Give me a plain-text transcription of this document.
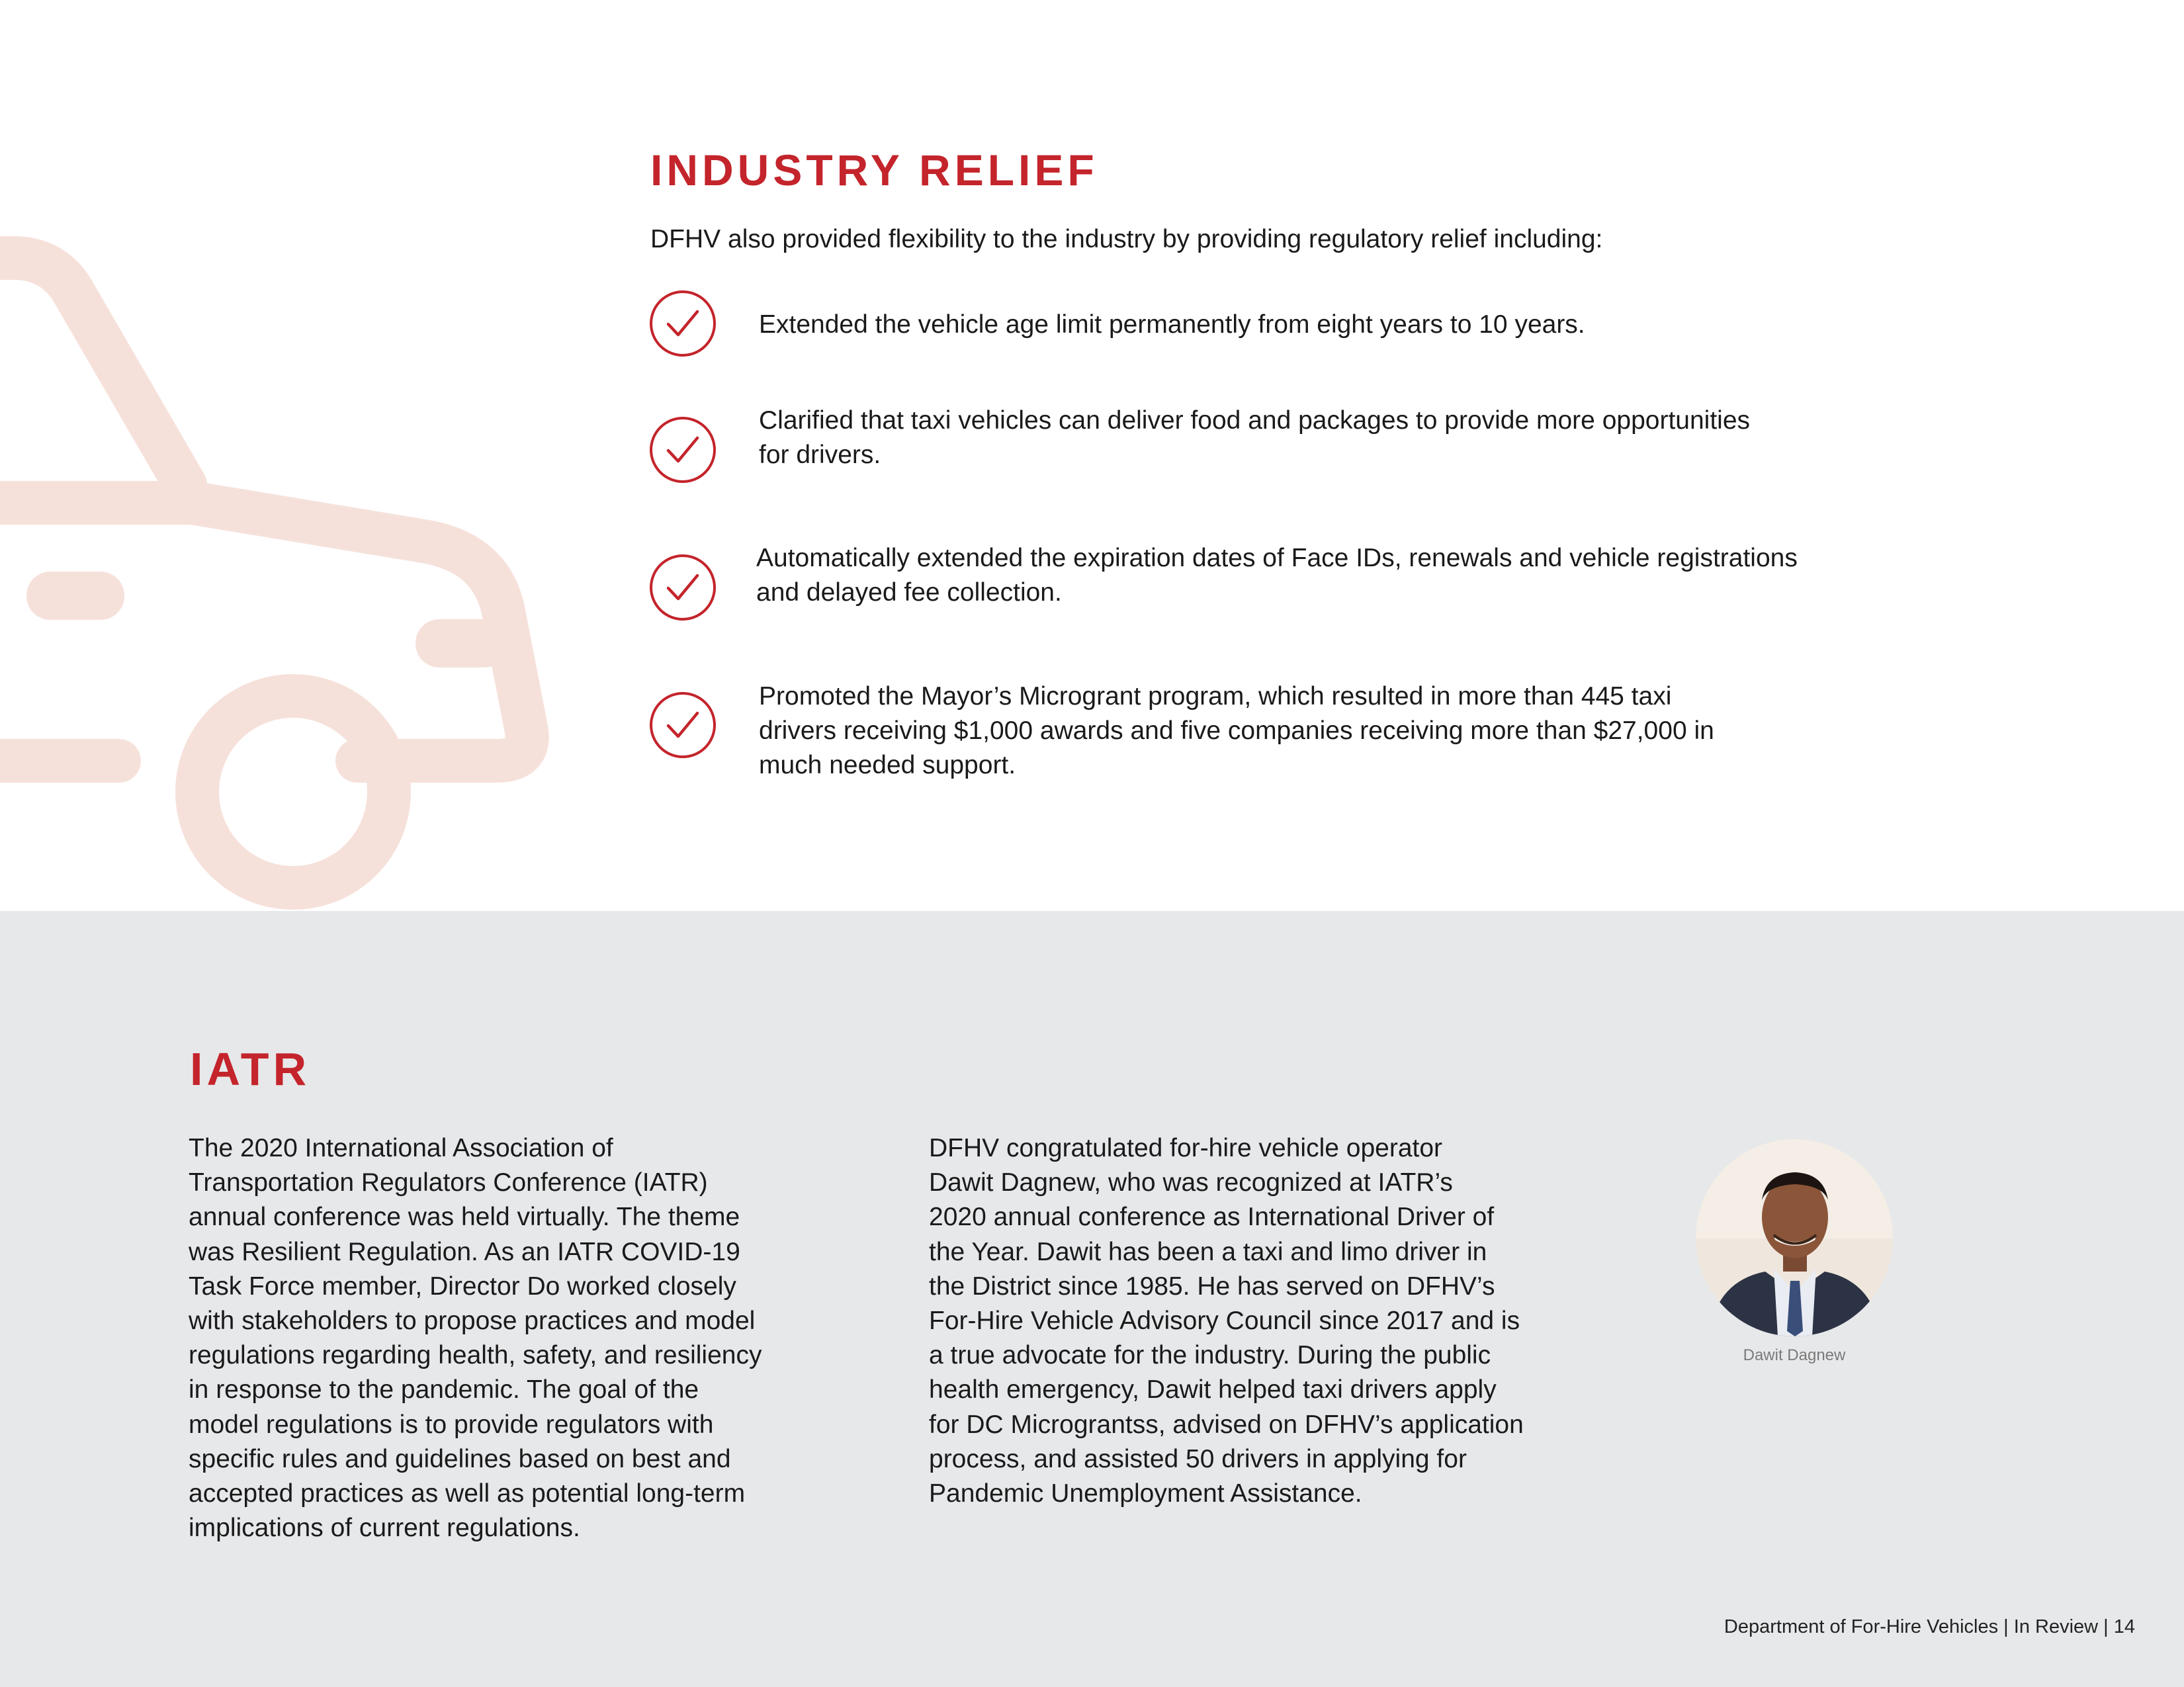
INDUSTRY RELIEF

DFHV also provided flexibility to the industry by providing regulatory relief including:

Extended the vehicle age limit permanently from eight years to 10 years.

Clarified that taxi vehicles can deliver food and packages to provide more opportunities
for drivers.

Automatically extended the expiration dates of Face IDs, renewals and vehicle registrations
and delayed fee collection.

Promoted the Mayor’s Microgrant program, which resulted in more than 445 taxi
drivers receiving $1,000 awards and five companies receiving more than $27,000 in
much needed support.

IATR

The 2020 International Association of
Transportation Regulators Conference (IATR)
annual conference was held virtually. The theme
was Resilient Regulation. As an IATR COVID-19
Task Force member, Director Do worked closely
with stakeholders to propose practices and model
regulations regarding health, safety, and resiliency
in response to the pandemic. The goal of the
model regulations is to provide regulators with
specific rules and guidelines based on best and
accepted practices as well as potential long-term
implications of current regulations.

DFHV congratulated for-hire vehicle operator
Dawit Dagnew, who was recognized at IATR’s
2020 annual conference as International Driver of
the Year. Dawit has been a taxi and limo driver in
the District since 1985. He has served on DFHV’s
For-Hire Vehicle Advisory Council since 2017 and is
a true advocate for the industry. During the public
health emergency, Dawit helped taxi drivers apply
for DC Micrograntss, advised on DFHV’s application
process, and assisted 50 drivers in applying for
Pandemic Unemployment Assistance.

Dawit Dagnew

Department of For-Hire Vehicles | In Review | 14
